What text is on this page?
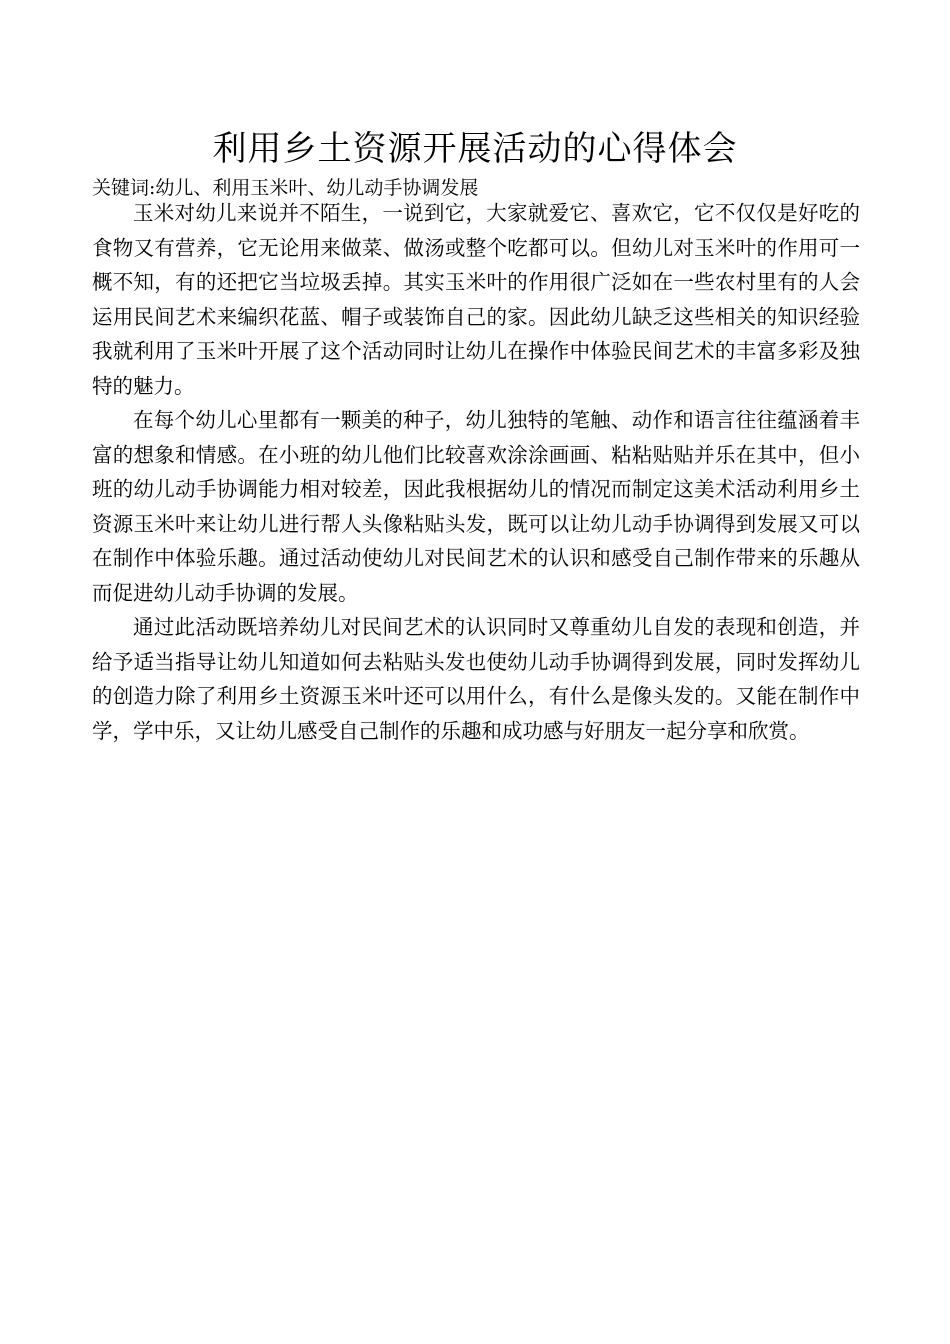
利用乡土资源开展活动的心得体会
关键词:幼儿、利用玉米叶、幼儿动手协调发展

玉米对幼儿来说并不陌生，一说到它，大家就爱它、喜欢它，它不仅仅是好吃的食物又有营养，它无论用来做菜、做汤或整个吃都可以。但幼儿对玉米叶的作用可一概不知，有的还把它当垃圾丢掉。其实玉米叶的作用很广泛如在一些农村里有的人会运用民间艺术来编织花蓝、帽子或装饰自己的家。因此幼儿缺乏这些相关的知识经验我就利用了玉米叶开展了这个活动同时让幼儿在操作中体验民间艺术的丰富多彩及独特的魅力。

在每个幼儿心里都有一颗美的种子，幼儿独特的笔触、动作和语言往往蕴涵着丰富的想象和情感。在小班的幼儿他们比较喜欢涂涂画画、粘粘贴贴并乐在其中，但小班的幼儿动手协调能力相对较差，因此我根据幼儿的情况而制定这美术活动利用乡土资源玉米叶来让幼儿进行帮人头像粘贴头发，既可以让幼儿动手协调得到发展又可以在制作中体验乐趣。通过活动使幼儿对民间艺术的认识和感受自己制作带来的乐趣从而促进幼儿动手协调的发展。

通过此活动既培养幼儿对民间艺术的认识同时又尊重幼儿自发的表现和创造，并给予适当指导让幼儿知道如何去粘贴头发也使幼儿动手协调得到发展，同时发挥幼儿的创造力除了利用乡土资源玉米叶还可以用什么，有什么是像头发的。又能在制作中学，学中乐，又让幼儿感受自己制作的乐趣和成功感与好朋友一起分享和欣赏。
